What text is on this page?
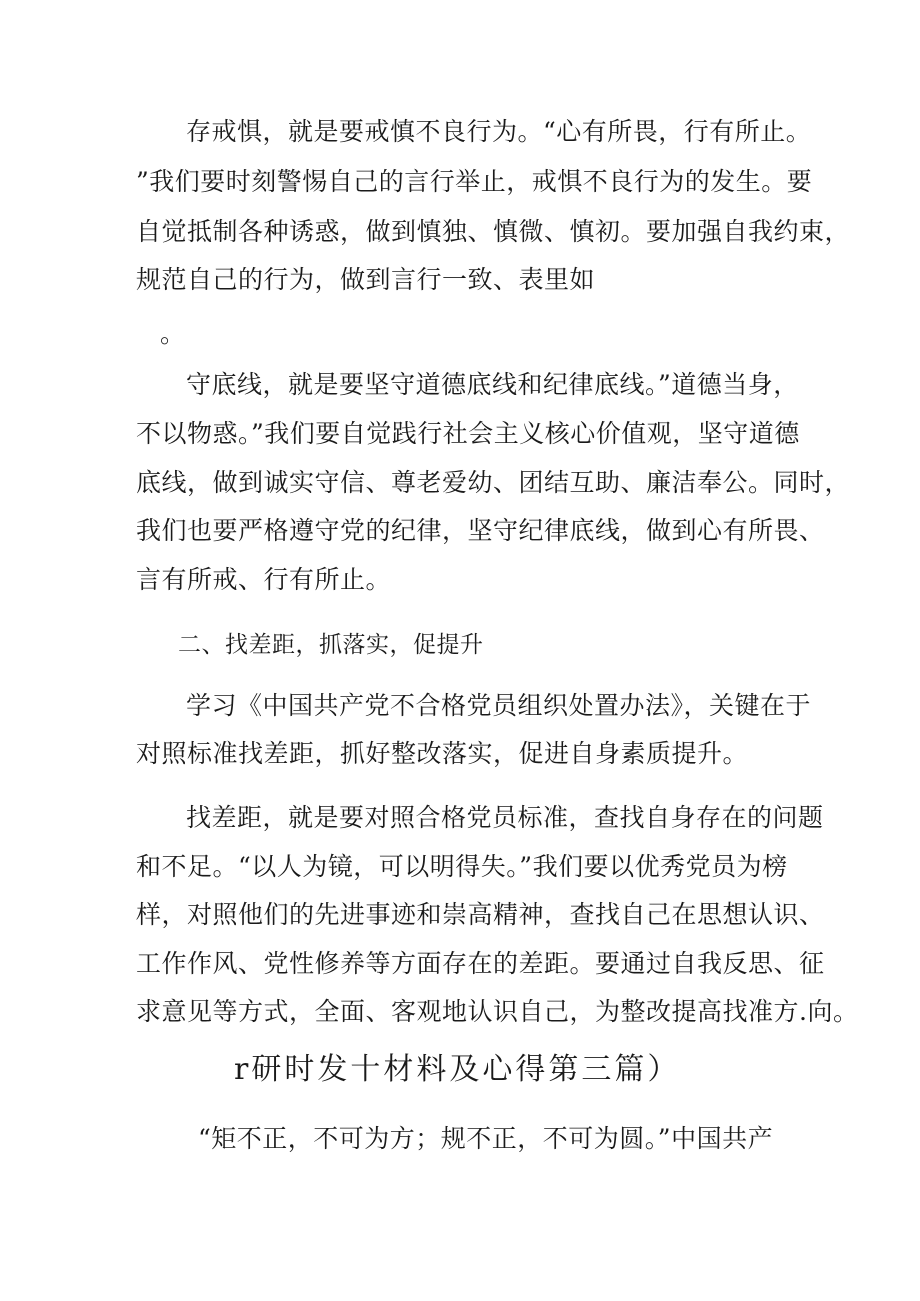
存戒惧，就是要戒慎不良行为。“心有所畏，行有所止。
”我们要时刻警惕自己的言行举止，戒惧不良行为的发生。要
自觉抵制各种诱惑，做到慎独、慎微、慎初。要加强自我约束，
规范自己的行为，做到言行一致、表里如
。
守底线，就是要坚守道德底线和纪律底线。”道德当身，
不以物惑。”我们要自觉践行社会主义核心价值观，坚守道德
底线，做到诚实守信、尊老爱幼、团结互助、廉洁奉公。同时，
我们也要严格遵守党的纪律，坚守纪律底线，做到心有所畏、
言有所戒、行有所止。
二、找差距，抓落实，促提升
学习《中国共产党不合格党员组织处置办法》，关键在于
对照标准找差距，抓好整改落实，促进自身素质提升。
找差距，就是要对照合格党员标准，查找自身存在的问题
和不足。“以人为镜，可以明得失。”我们要以优秀党员为榜
样，对照他们的先进事迹和崇高精神，查找自己在思想认识、
工作作风、党性修养等方面存在的差距。要通过自我反思、征
求意见等方式，全面、客观地认识自己，为整改提高找准方.向。
r研时发十材料及心得第三篇）
“矩不正，不可为方；规不正，不可为圆。”中国共产
